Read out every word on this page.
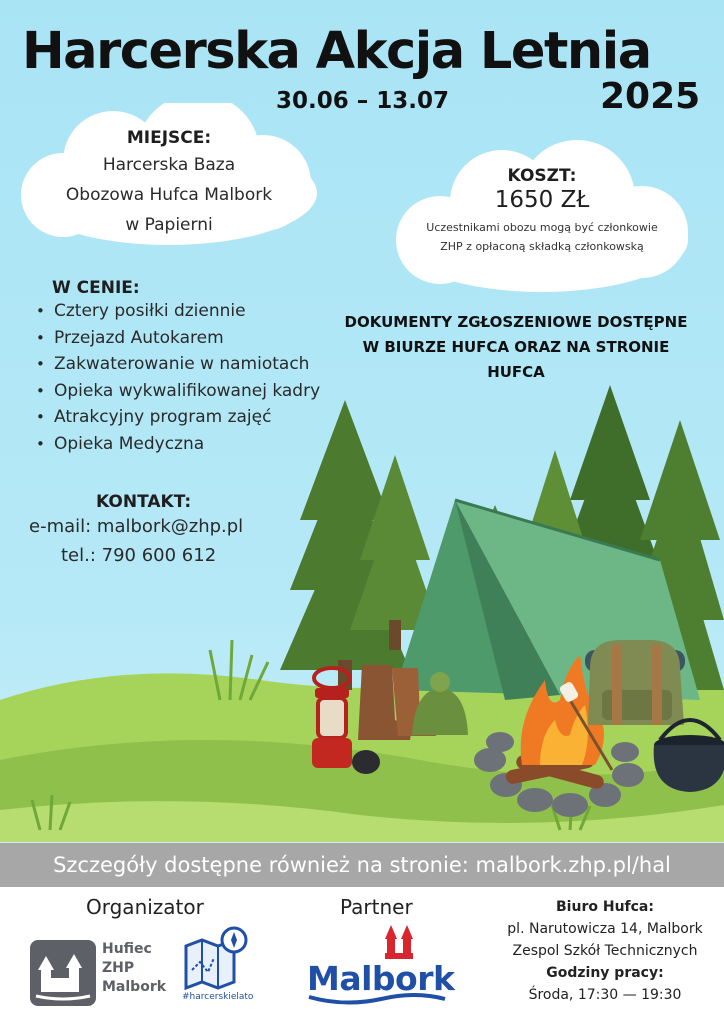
Harcerska Akcja Letnia
30.06 – 13.07	2025
MIEJSCE:
Harcerska Baza
Obozowa Hufca Malbork
w Papierni
KOSZT:
1650 ZŁ
Uczestnikami obozu mogą być członkowie ZHP z opłaconą składką członkowską
W CENIE:
• Cztery posiłki dziennie
• Przejazd Autokarem
• Zakwaterowanie w namiotach
• Opieka wykwalifikowanej kadry
• Atrakcyjny program zajęć
• Opieka Medyczna
DOKUMENTY ZGŁOSZENIOWE DOSTĘPNE
W BIURZE HUFCA ORAZ NA STRONIE
HUFCA
KONTAKT:
e-mail: malbork@zhp.pl
tel.: 790 600 612
Szczegóły dostępne również na stronie: malbork.zhp.pl/hal
Organizator	Partner
Hufiec
ZHP
Malbork
#harcerskielato Malbork
Biuro Hufca:
pl. Narutowicza 14, Malbork
Zespol Szkół Technicznych
Godziny pracy:
Środa, 17:30 — 19:30
